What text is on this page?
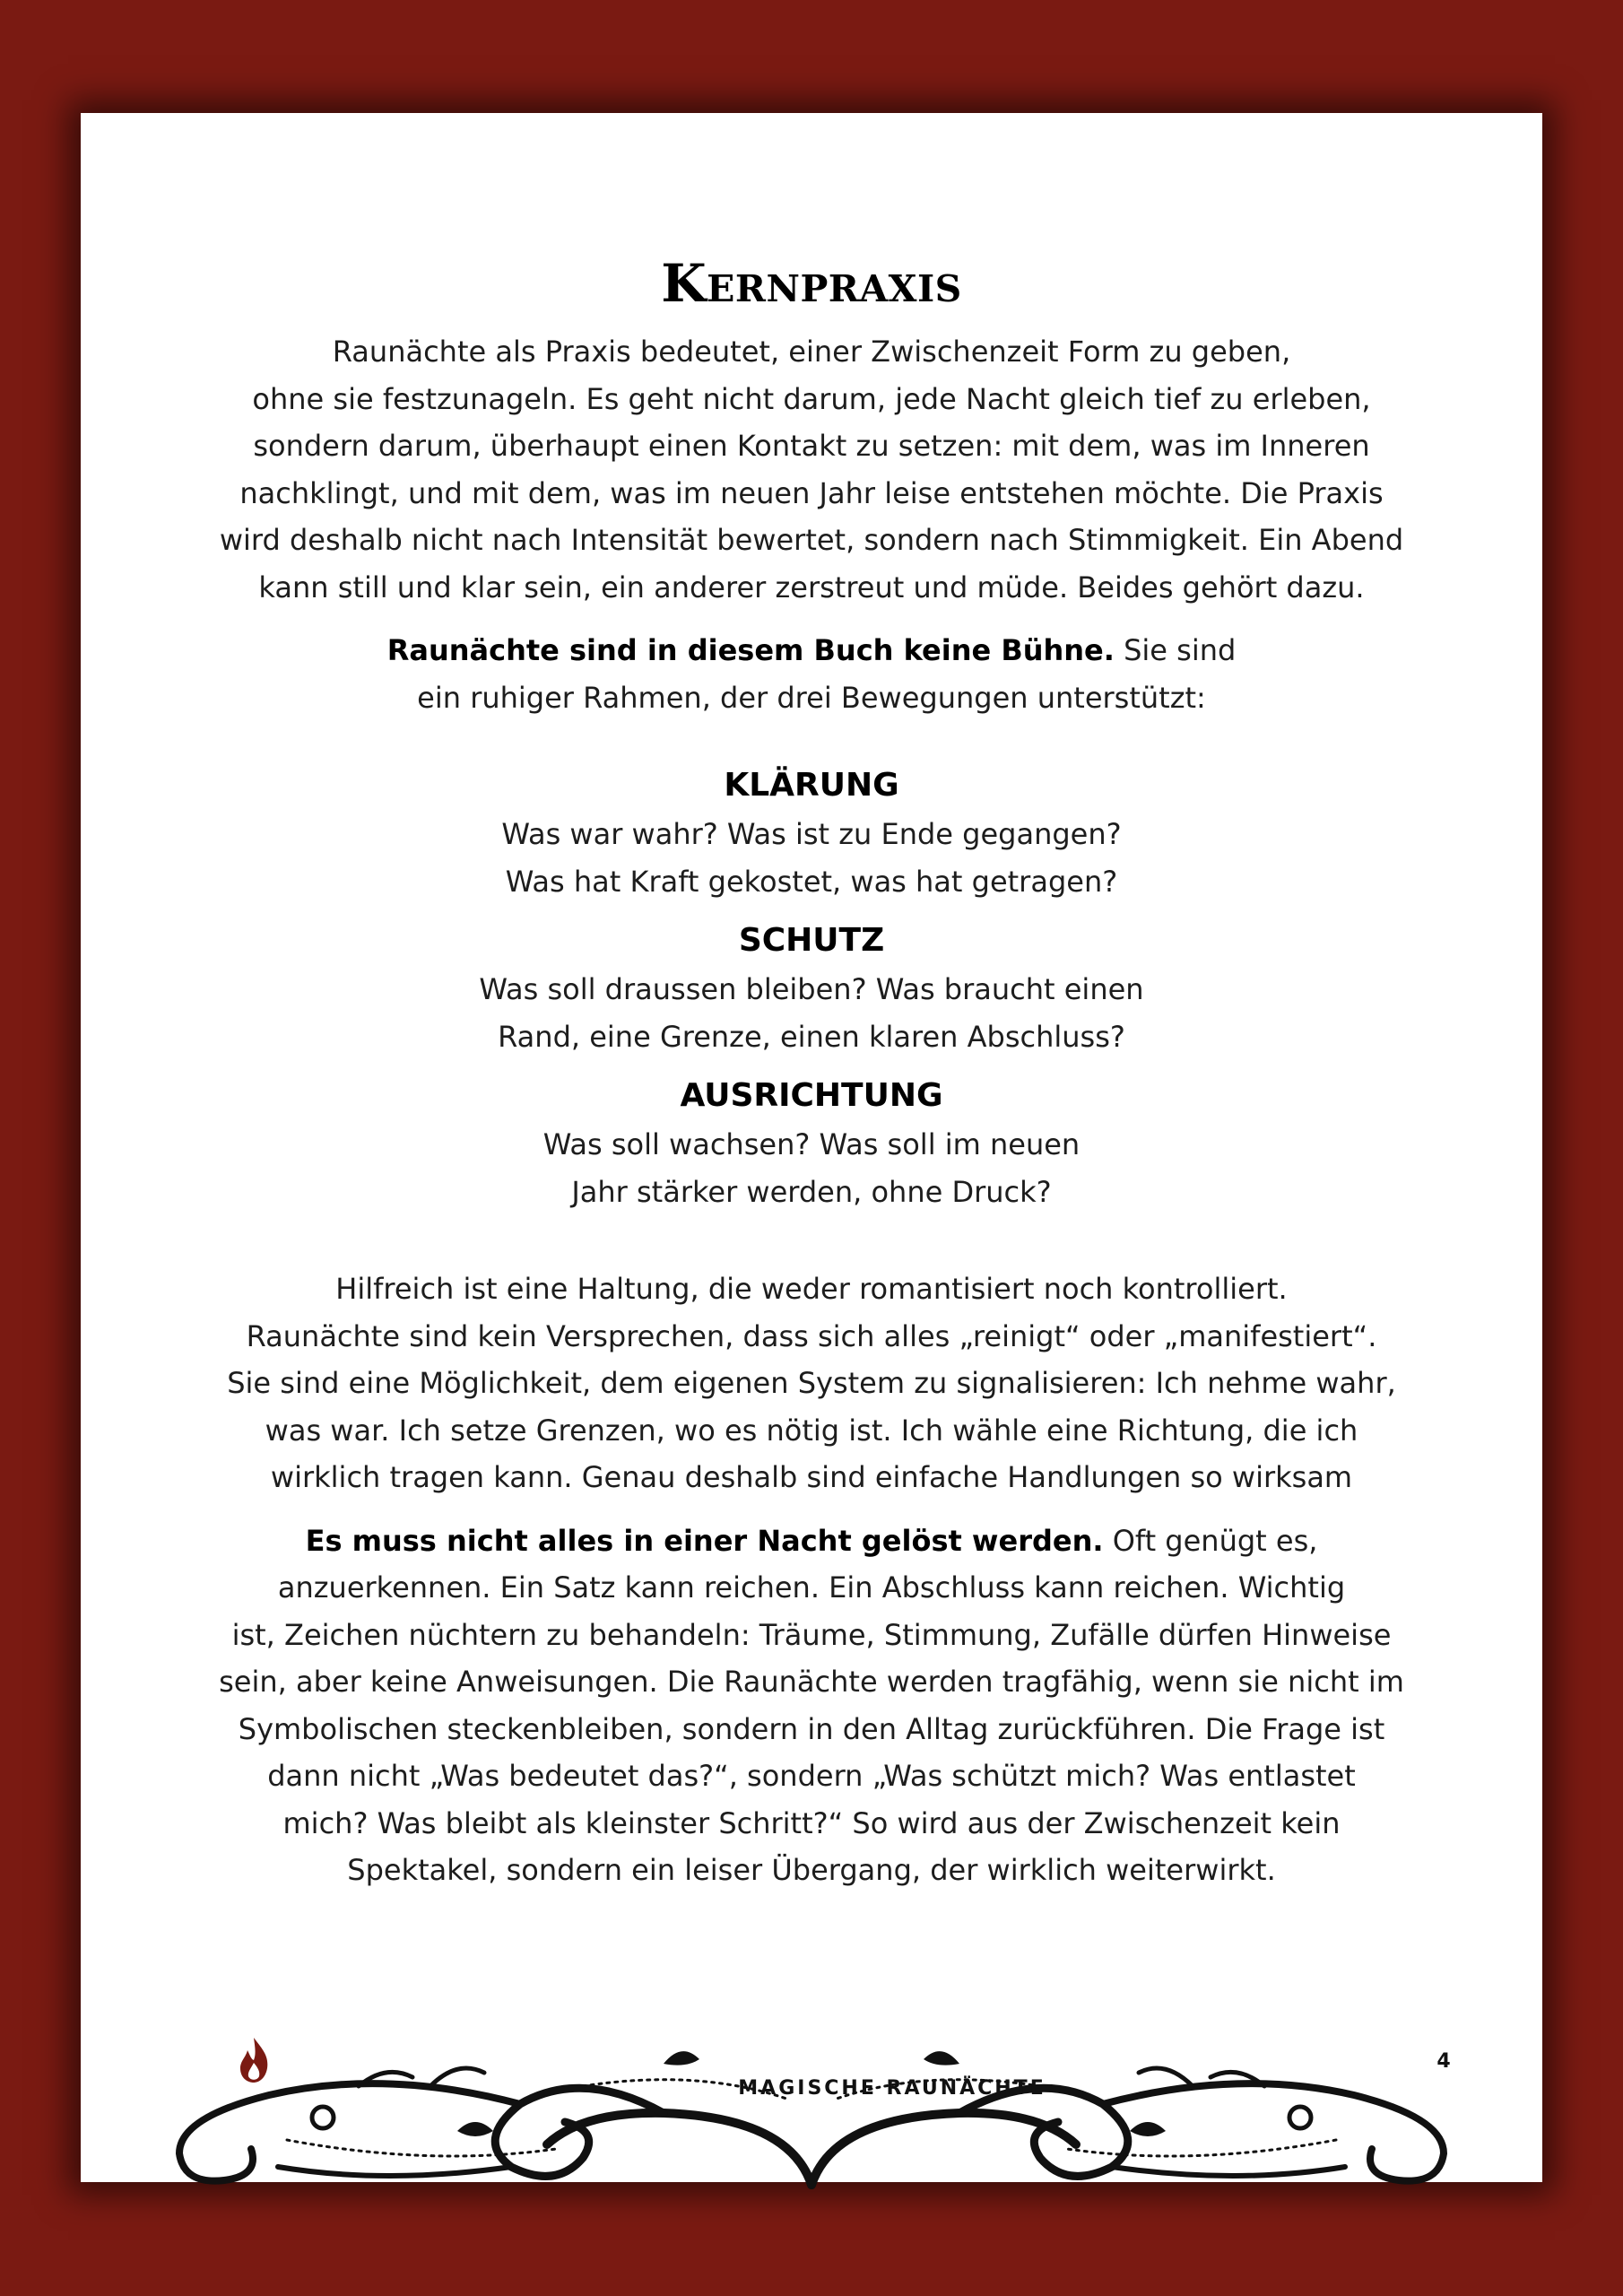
Kernpraxis

Raunächte als Praxis bedeutet, einer Zwischenzeit Form zu geben,
ohne sie festzunageln. Es geht nicht darum, jede Nacht gleich tief zu erleben,
sondern darum, überhaupt einen Kontakt zu setzen: mit dem, was im Inneren
nachklingt, und mit dem, was im neuen Jahr leise entstehen möchte. Die Praxis
wird deshalb nicht nach Intensität bewertet, sondern nach Stimmigkeit. Ein Abend
kann still und klar sein, ein anderer zerstreut und müde. Beides gehört dazu.

Raunächte sind in diesem Buch keine Bühne. Sie sind
ein ruhiger Rahmen, der drei Bewegungen unterstützt:

KLÄRUNG

Was war wahr? Was ist zu Ende gegangen?
Was hat Kraft gekostet, was hat getragen?

SCHUTZ

Was soll draussen bleiben? Was braucht einen
Rand, eine Grenze, einen klaren Abschluss?

AUSRICHTUNG

Was soll wachsen? Was soll im neuen
Jahr stärker werden, ohne Druck?

Hilfreich ist eine Haltung, die weder romantisiert noch kontrolliert.
Raunächte sind kein Versprechen, dass sich alles „reinigt“ oder „manifestiert“.
Sie sind eine Möglichkeit, dem eigenen System zu signalisieren: Ich nehme wahr,
was war. Ich setze Grenzen, wo es nötig ist. Ich wähle eine Richtung, die ich
wirklich tragen kann. Genau deshalb sind einfache Handlungen so wirksam

Es muss nicht alles in einer Nacht gelöst werden. Oft genügt es,
anzuerkennen. Ein Satz kann reichen. Ein Abschluss kann reichen. Wichtig
ist, Zeichen nüchtern zu behandeln: Träume, Stimmung, Zufälle dürfen Hinweise
sein, aber keine Anweisungen. Die Raunächte werden tragfähig, wenn sie nicht im
Symbolischen steckenbleiben, sondern in den Alltag zurückführen. Die Frage ist
dann nicht „Was bedeutet das?“, sondern „Was schützt mich? Was entlastet
mich? Was bleibt als kleinster Schritt?“ So wird aus der Zwischenzeit kein
Spektakel, sondern ein leiser Übergang, der wirklich weiterwirkt.

MAGISCHE RAUNÄCHTE
4
